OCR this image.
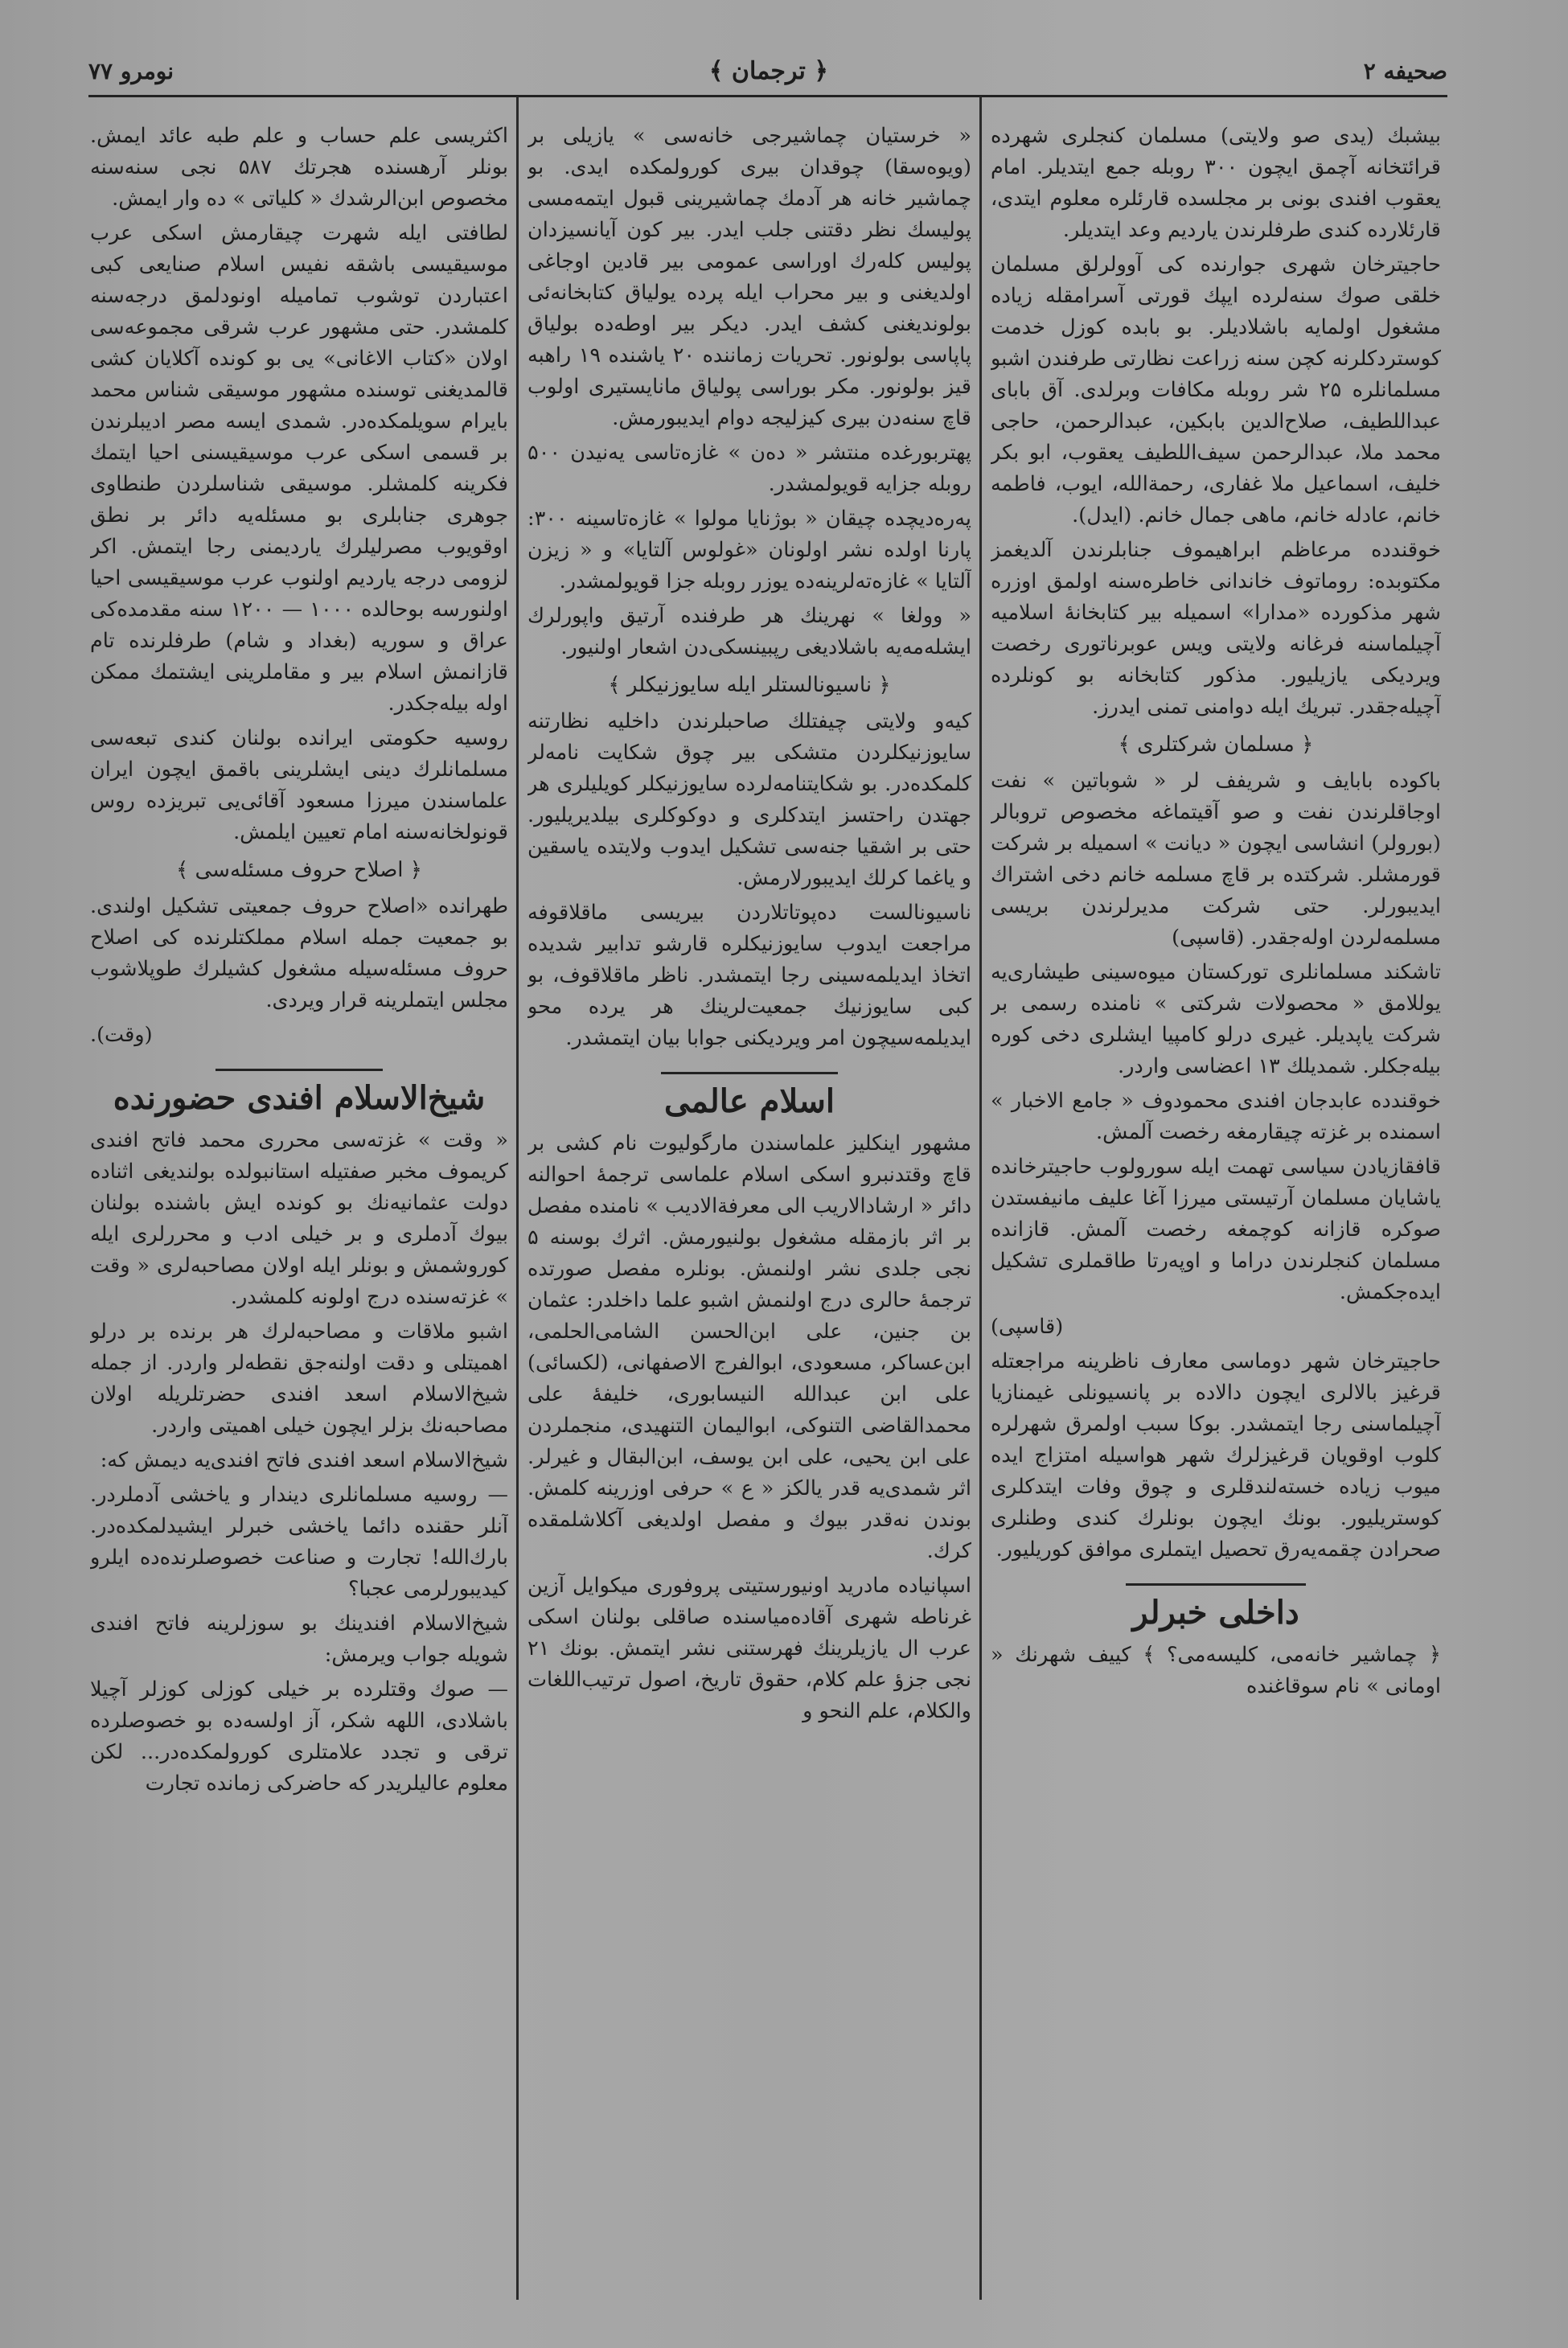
صحیفه ۲
﴿ ترجمان ﴾
نومرو ۷۷

بیشبك (یدی صو ولایتی) مسلمان كنجلری شهرده قرائتخانه آچمق ایچون ۳۰۰ روبله جمع ایتدیلر. امام یعقوب افندی بونی بر مجلسده قارئلره معلوم ایتدی، قارئلارده كندی طرفلرندن یاردیم وعد ایتدیلر.

حاجیترخان شهری جوارنده كی آوولرلق مسلمان خلقی صوك سنه‌لرده ایپك قورتی آسرامقله زیاده مشغول اولمایه باشلادیلر. بو بابده كوزل خدمت كوستردكلرنه كچن سنه زراعت نظارتی طرفندن اشبو مسلمانلره ۲۵ شر روبله مكافات وبرلدی. آق بابای عبداللطیف، صلاح‌الدین بابكین، عبدالرحمن، حاجی محمد ملا، عبدالرحمن سیف‌اللطیف یعقوب، ابو بكر خلیف، اسماعیل ملا غفاری، رحمةالله، ایوب، فاطمه خانم، عادله خانم، ماهی جمال خانم. (ایدل).

خوقندده مرعاظم ابراهیموف جنابلرندن آلدیغمز مكتوبده: روماتوف خاندانی خاطره‌سنه اولمق اوزره شهر مذكورده «مدارا» اسمیله بیر كتابخانهٔ اسلامیه آچیلماسنه فرغانه ولایتی ویس عوبرناتوری رخصت ویردیكی یازیلیور. مذكور كتابخانه بو كونلرده آچیله‌جقدر. تبریك ایله دوامنی تمنی ایدرز.

﴿ مسلمان شركتلری ﴾

باكوده بابایف و شریفف لر « شوباتین » نفت اوجاقلرندن نفت و صو آقیتماغه مخصوص تروبالر (بورولر) انشاسی ایچون « دیانت » اسمیله بر شركت قورمشلر. شركتده بر قاچ مسلمه خانم دخی اشتراك ایدیبورلر. حتی شركت مدیرلرندن بریسی مسلمه‌لردن اوله‌جقدر. (قاسپی)

تاشكند مسلمانلری توركستان میوه‌سینی طیشاری‌یه یوللامق « محصولات شركتی » نامنده رسمی بر شركت یاپدیلر. غیری درلو كامپیا ایشلری دخی كوره بیله‌جكلر. شمدیلك ۱۳ اعضاسی واردر.

خوقندده عابدجان افندی محمودوف « جامع الاخبار » اسمنده بر غزته چیقارمغه رخصت آلمش.

قافقازیادن سیاسی تهمت ایله سورولوب حاجیترخانده یاشایان مسلمان آرتیستی میرزا آغا علیف مانیفستدن صوكره قازانه كوچمغه رخصت آلمش. قازانده مسلمان كنجلرندن دراما و اوپه‌رتا طاقملری تشكیل ایده‌جكمش.

(قاسپی)

حاجیترخان شهر دوماسی معارف ناظرینه مراجعتله قرغیز بالالری ایچون دالاده بر پانسیونلی غیمنازیا آچیلماسنی رجا ایتمشدر. بوكا سبب اولمرق شهرلره كلوب اوقویان قرغیزلرك شهر هواسیله امتزاج ایده میوب زیاده خسته‌لندقلری و چوق وفات ایتدكلری كوستریلیور. بونك ایچون بونلرك كندی وطنلری صحرادن چقمه‌یه‌رق تحصیل ایتملری موافق كوریلیور.

داخلی خبرلر

﴿ چماشیر خانه‌می، كلیسه‌می؟ ﴾ كییف شهرنك « اومانی » نام سوقاغنده

« خرستیان چماشیرجی خانه‌سی » یازیلی بر (ویوه‌سقا) چوقدان بیری كورولمكده ایدی. بو چماشیر خانه هر آدمك چماشیرینی قبول ایتمه‌مسی پولیسك نظر دقتنی جلب ایدر. بیر كون آیانسیزدان پولیس كله‌رك اوراسی عمومی بیر قادین اوجاغی اولدیغنی و بیر محراب ایله پرده یولیاق كتابخانه‌ئی بولوندیغنی كشف ایدر. دیكر بیر اوطه‌ده بولیاق پاپاسی بولونور. تحریات زماننده ۲۰ یاشنده ۱۹ راهبه قیز بولونور. مكر بوراسی پولیاق مانایستیری اولوب قاچ سنه‌دن بیری كیزلیجه دوام ایدیبورمش.

پهتربورغده منتشر « دەن » غازه‌تاسی یه‌نیدن ۵۰۰ روبله جزایه قویولمشدر.

پەرەدیچده چیقان « بوژنایا مولوا » غازه‌تاسینه ۳۰۰: پارنا اولده نشر اولونان «غولوس آلتایا» و « زیزن آلتایا » غازه‌ته‌لرینه‌ده یوزر روبله جزا قویولمشدر.

« وولغا » نهرینك هر طرفنده آرتیق واپورلرك ایشله‌مه‌یه باشلادیغی رپبینسكی‌دن اشعار اولنیور.

﴿ ناسیونالستلر ایله سایوزنیكلر ﴾

كیه‌و ولایتی چیفتلك صاحبلرندن داخلیه نظارتنه سایوزنیكلردن متشكی بیر چوق شكایت نامه‌لر كلمكده‌در. بو شكایتنامه‌لرده سایوزنیكلر كویلیلری هر جهتدن راحتسز ایتدكلری و دوكوكلری بیلدیریلیور. حتی بر اشقیا جنه‌سی تشكیل ایدوب ولایتده یاسقین و یاغما كرلك ایدیبورلارمش.

ناسیونالست دەپوتاتلاردن بیریسی ماقلاقوفه مراجعت ایدوب سایوزنیكلره قارشو تدابیر شدیده اتخاذ ایدیلمه‌سینی رجا ایتمشدر. ناظر ماقلاقوف، بو كبی سایوزنیك جمعیت‌لرینك هر یرده محو ایدیلمه‌سیچون امر ویردیكنی جوابا بیان ایتمشدر.

اسلام عالمی

مشهور اینكلیز علماسندن مارگولیوت نام كشی بر قاچ وقتدنبرو اسكی اسلام علماسی ترجمهٔ احوالنه دائر « ارشادالاریب الی معرفة‌الادیب » نامنده مفصل بر اثر بازمقله مشغول بولنیورمش. اثرك بوسنه ۵ نجی جلدی نشر اولنمش. بونلره مفصل صورتده ترجمهٔ حالری درج اولنمش اشبو علما داخلدر: عثمان بن جنین، علی ابن‌الحسن الشامی‌الحلمی، ابن‌عساكر، مسعودی، ابوالفرج الاصفهانی، (لكسائی) علی ابن عبدالله النیسابوری، خلیفهٔ علی محمدالقاضی التنوكی، ابوالیمان التنهیدی، منجملردن علی ابن یحیی، علی ابن یوسف، ابن‌البقال و غیرلر. اثر شمدی‌یه قدر یالكز « ع » حرفی اوزرینه كلمش. بوندن نه‌قدر بیوك و مفصل اولدیغی آكلاشلمقده كرك.

اسپانیاده مادرید اونیورستیتی پروفوری میكوایل آزین غرناطه شهری آقاده‌میاسنده صاقلی بولنان اسكی عرب ال یازیلرینك فهرستنی نشر ایتمش. بونك ۲۱ نجی جزؤ علم كلام، حقوق تاریخ، اصول ترتیب‌اللغات والكلام، علم النحو و

اكثریسی علم حساب و علم طبه عائد ایمش. بونلر آرهسنده هجرتك ۵۸۷ نجی سنه‌سنه مخصوص ابن‌الرشدك « كلیاتی » ده وار ایمش.

لطافتی ایله شهرت چیقارمش اسكی عرب موسیقیسی باشقه نفیس اسلام صنایعی كبی اعتباردن توشوب تمامیله اونودلمق درجه‌سنه كلمشدر. حتی مشهور عرب شرقی مجموعه‌سی اولان «كتاب الاغانی» یی بو كونده آكلایان كشی قالمدیغنی توسنده مشهور موسیقی شناس محمد بایرام سویلمكده‌در. شمدی ایسه مصر ادیبلرندن بر قسمی اسكی عرب موسیقیسنی احیا ایتمك فكرینه كلمشلر. موسیقی شناسلردن طنطاوی جوهری جنابلری بو مسئله‌یه دائر بر نطق اوقویوب مصرلیلرك یاردیمنی رجا ایتمش. اكر لزومی درجه یاردیم اولنوب عرب موسیقیسی احیا اولنورسه بوحالده ۱۰۰۰ — ۱۲۰۰ سنه مقدمده‌كی عراق و سوریه (بغداد و شام) طرفلرنده تام قازانمش اسلام بیر و مقاملرینی ایشتمك ممكن اوله بیله‌جكدر.

روسیه حكومتی ایرانده بولنان كندی تبعه‌سی مسلمانلرك دینی ایشلرینی باقمق ایچون ایران علماسندن میرزا مسعود آقائی‌یی تبریزده روس قونولخانه‌سنه امام تعیین ایلمش.

﴿ اصلاح حروف مسئله‌سی ﴾

طهرانده «اصلاح حروف جمعیتی تشكیل اولندی. بو جمعیت جمله اسلام مملكتلرنده كی اصلاح حروف مسئله‌سیله مشغول كشیلرك طوپلاشوب مجلس ایتملرینه قرار ویردی.

(وقت).

شیخ‌الاسلام افندی حضورنده

« وقت » غزته‌سی محرری محمد فاتح افندی كریموف مخبر صفتیله استانبولده بولندیغی اثناده دولت عثمانیه‌نك بو كونده ایش باشنده بولنان بیوك آدملری و بر خیلی ادب و محررلری ایله كوروشمش و بونلر ایله اولان مصاحبه‌لری « وقت » غزته‌سنده درج اولونه كلمشدر.

اشبو ملاقات و مصاحبه‌لرك هر برنده بر درلو اهمیتلی و دقت اولنه‌جق نقطه‌لر واردر. از جمله شیخ‌الاسلام اسعد افندی حضرتلریله اولان مصاحبه‌نك بزلر ایچون خیلی اهمیتی واردر.

شیخ‌الاسلام اسعد افندی فاتح افندی‌یه دیمش كه:

— روسیه مسلمانلری دیندار و یاخشی آدملردر. آنلر حقنده دائما یاخشی خبرلر ایشیدلمكده‌در. بارك‌الله! تجارت و صناعت خصوصلرنده‌ده ایلرو كیدیبورلرمی عجبا؟

شیخ‌الاسلام افندینك بو سوزلرینه فاتح افندی شویله جواب ویرمش:

— صوك وقتلرده بر خیلی كوزلی كوزلر آچیلا باشلادی، اللهه شكر، آز اولسه‌ده بو خصوصلرده ترقی و تجدد علامتلری كورولمكده‌در... لكن معلوم عالیلریدر كه حاضركی زمانده تجارت
